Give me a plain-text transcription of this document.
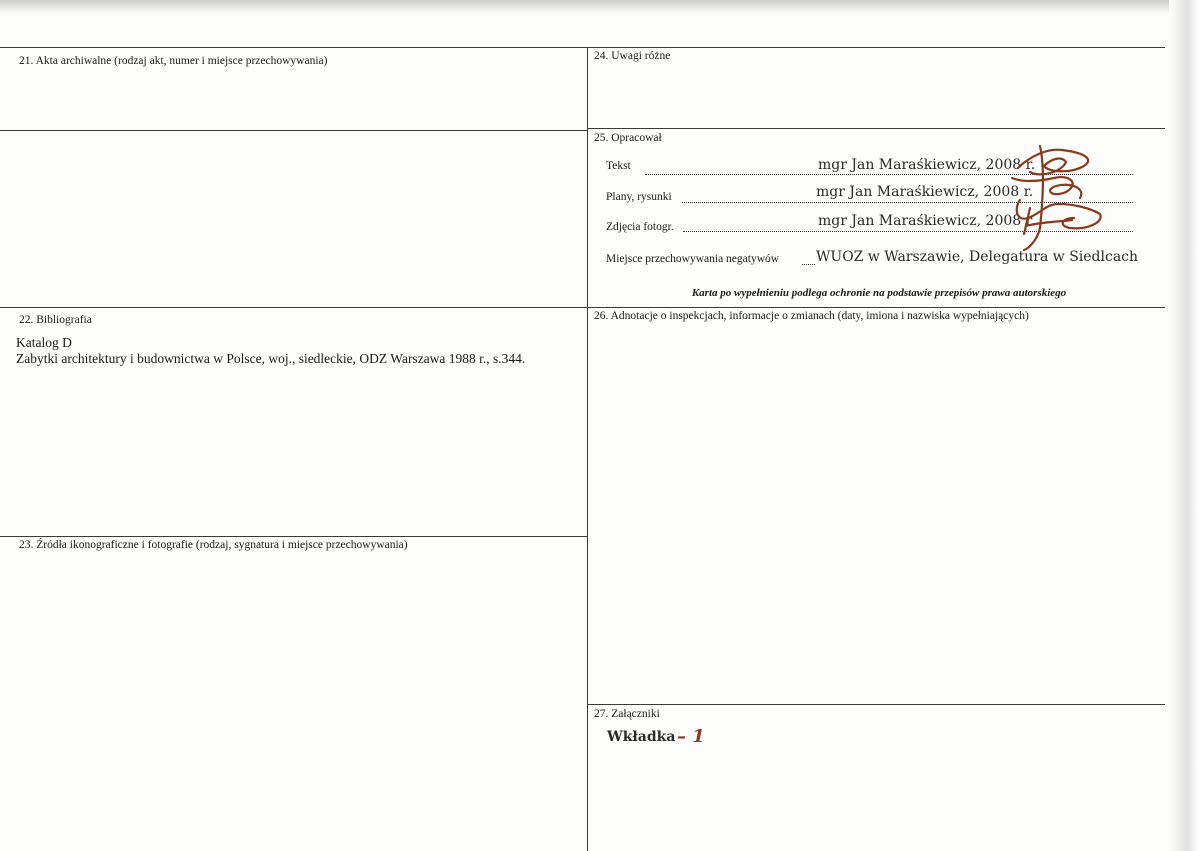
21. Akta archiwalne (rodzaj akt, numer i miejsce przechowywania)
22. Bibliografia
Katalog D
Zabytki architektury i budownictwa w Polsce, woj., siedleckie, ODZ Warszawa 1988 r., s.344.
23. Źródła ikonograficzne i fotografie (rodzaj, sygnatura i miejsce przechowywania)
24. Uwagi różne
25. Opracował
Tekst	mgr Jan Maraśkiewicz, 2008 r.
Plany, rysunki	mgr Jan Maraśkiewicz, 2008 r.
Zdjęcia fotogr.	mgr Jan Maraśkiewicz, 2008 r.
Miejsce przechowywania negatywów	WUOZ w Warszawie, Delegatura w Siedlcach
Karta po wypełnieniu podlega ochronie na podstawie przepisów prawa autorskiego
26. Adnotacje o inspekcjach, informacje o zmianach (daty, imiona i nazwiska wypełniających)
27. Załączniki
Wkładka – 1
